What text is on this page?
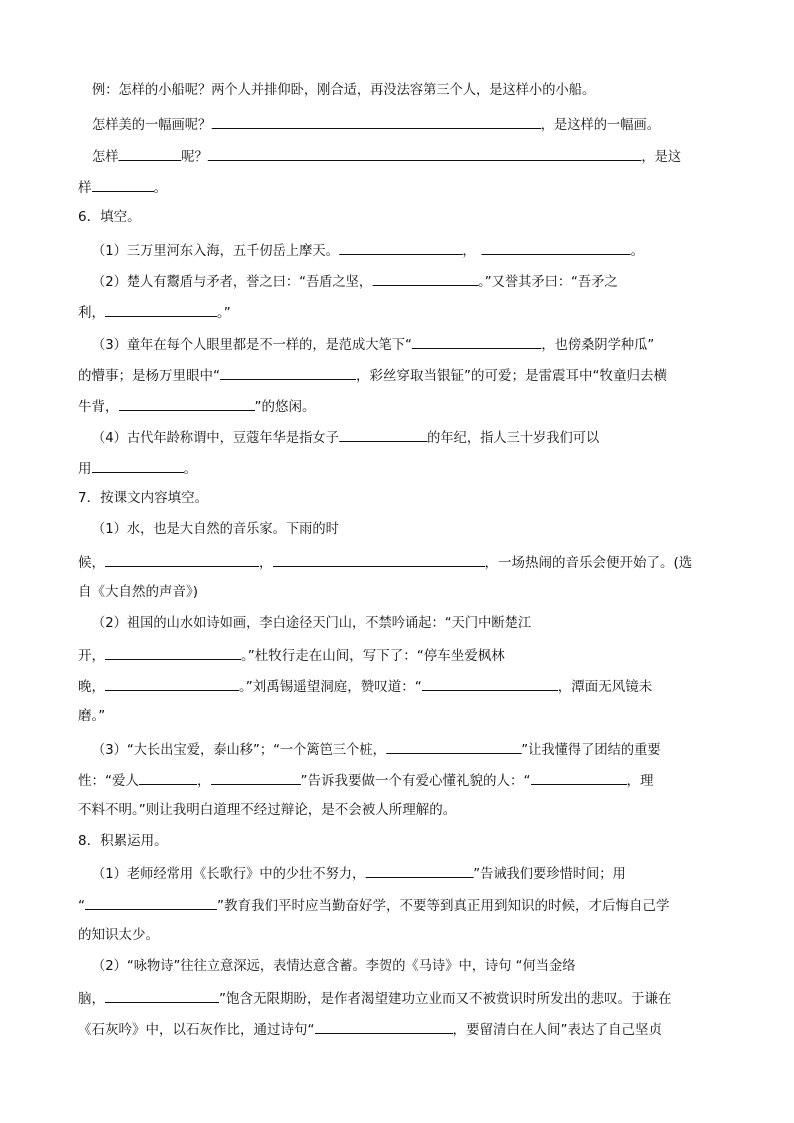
例：怎样的小船呢？两个人并排仰卧，刚合适，再没法容第三个人，是这样小的小船。
怎样美的一幅画呢？	，是这样的一幅画。
怎样	呢？	，是这
样	。
6．填空。
（1）三万里河东入海，五千仞岳上摩天。	，	。
（2）楚人有鬻盾与矛者，誉之曰：“吾盾之坚，	。”又誉其矛曰：“吾矛之
利，	。”
（3）童年在每个人眼里都是不一样的，是范成大笔下“	，也傍桑阴学种瓜”
的懵事；是杨万里眼中“	，彩丝穿取当银钲”的可爱；是雷震耳中“牧童归去横
牛背，	”的悠闲。
（4）古代年龄称谓中，豆蔻年华是指女子	的年纪，指人三十岁我们可以
用	。
7．按课文内容填空。
（1）水，也是大自然的音乐家。下雨的时
候，	，	，一场热闹的音乐会便开始了。(选
自《大自然的声音》)
（2）祖国的山水如诗如画，李白途径天门山，不禁吟诵起：“天门中断楚江
开，	。”杜牧行走在山间，写下了：“停车坐爱枫林
晚，	。”刘禹锡遥望洞庭，赞叹道：“	，潭面无风镜未
磨。”
（3）“大长出宝爱，泰山移”；“一个篱笆三个桩，	”让我懂得了团结的重要
性：“爱人	，	”告诉我要做一个有爱心懂礼貌的人：“	，理
不料不明。”则让我明白道理不经过辩论，是不会被人所理解的。
8．积累运用。
（1）老师经常用《长歌行》中的少壮不努力，	”告诫我们要珍惜时间；用
“	”教育我们平时应当勤奋好学，不要等到真正用到知识的时候，才后悔自己学
的知识太少。
（2）“咏物诗”往往立意深远，表情达意含蓄。李贺的《马诗》中，诗句 “何当金络
脑，	”饱含无限期盼，是作者渴望建功立业而又不被赏识时所发出的悲叹。于谦在
《石灰吟》中，以石灰作比，通过诗句“	，要留清白在人间”表达了自己坚贞
